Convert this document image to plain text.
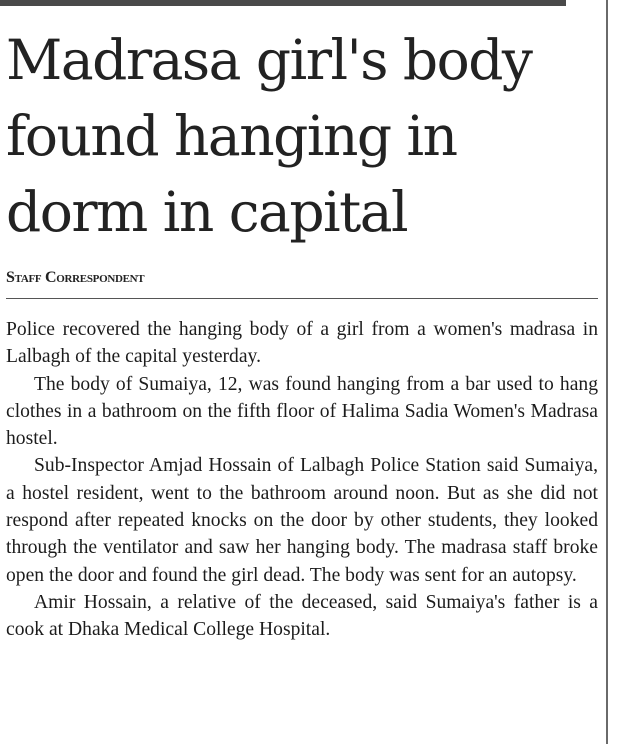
Madrasa girl's body found hanging in dorm in capital
Staff Correspondent

Police recovered the hanging body of a girl from a women's madrasa in Lalbagh of the capital yesterday.

The body of Sumaiya, 12, was found hanging from a bar used to hang clothes in a bathroom on the fifth floor of Halima Sadia Women's Madrasa hostel.

Sub-Inspector Amjad Hossain of Lalbagh Police Station said Sumaiya, a hostel resident, went to the bathroom around noon. But as she did not respond after repeated knocks on the door by other students, they looked through the ventilator and saw her hanging body. The madrasa staff broke open the door and found the girl dead. The body was sent for an autopsy.

Amir Hossain, a relative of the deceased, said Sumaiya's father is a cook at Dhaka Medical College Hospital.
